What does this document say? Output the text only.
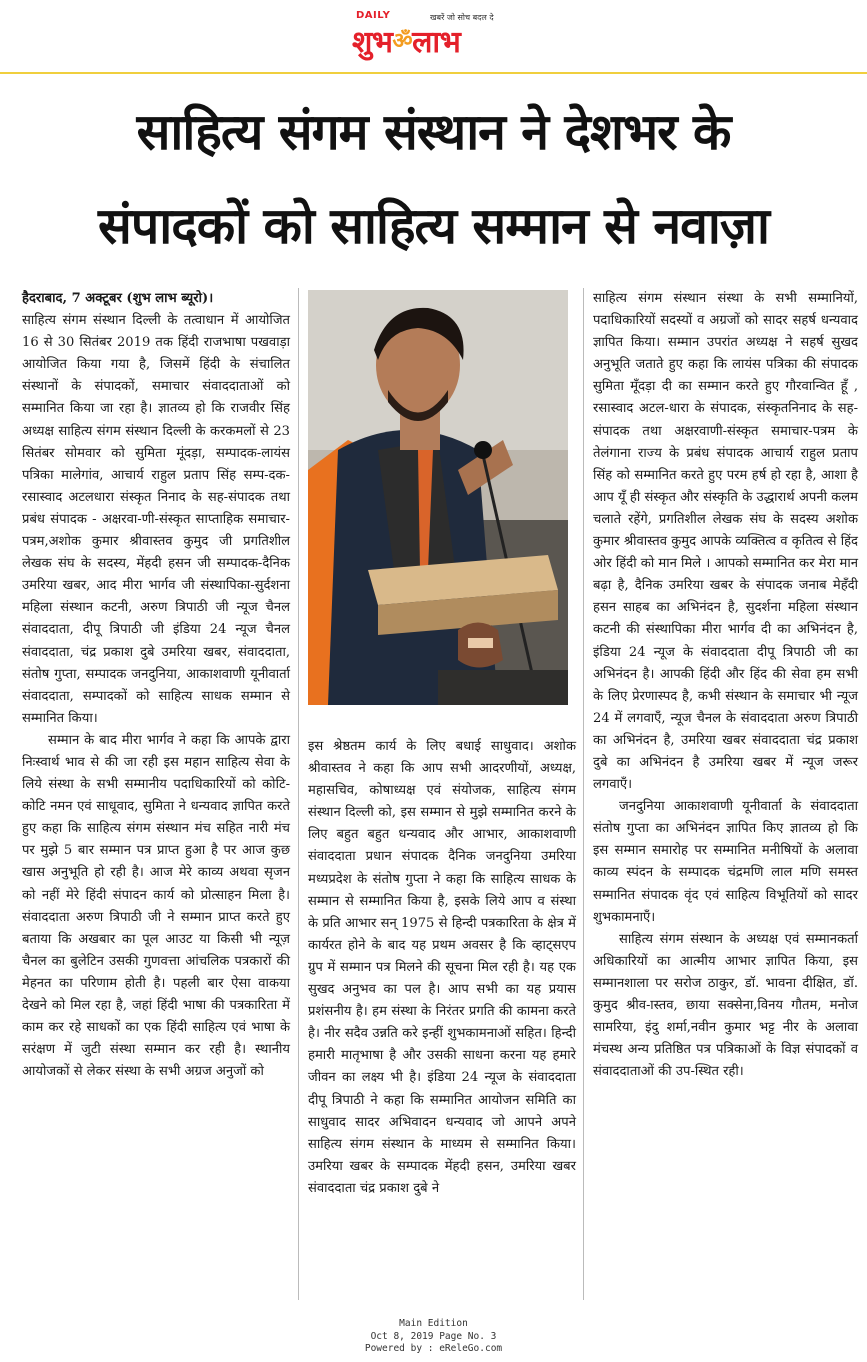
DAILY	खबरें जो सोच बदल दे
शुभॐलाभ
साहित्य संगम संस्थान ने देशभर के
संपादकों को साहित्य सम्मान से नवाज़ा

हैदराबाद, 7 अक्टूबर (शुभ लाभ ब्यूरो)।
साहित्य संगम संस्थान दिल्ली के तत्वाधान में आयोजित 16 से 30 सितंबर 2019 तक हिंदी राजभाषा पखवाड़ा आयोजित किया गया है, जिसमें हिंदी के संचालित संस्थानों के संपादकों, समाचार संवाददाताओं को सम्मानित किया जा रहा है। ज्ञातव्य हो कि राजवीर सिंह अध्यक्ष साहित्य संगम संस्थान दिल्ली के करकमलों से 23 सितंबर सोमवार को सुमिता मूंदड़ा, सम्पादक-लायंस पत्रिका मालेगांव, आचार्य राहुल प्रताप सिंह सम्प-दक-रसास्वाद अटलधारा संस्कृत निनाद के सह-संपादक तथा प्रबंध संपादक - अक्षरवा-णी-संस्कृत साप्ताहिक समाचार-पत्रम,अशोक कुमार श्रीवास्तव कुमुद जी प्रगतिशील लेखक संघ के सदस्य, मेंहदी हसन जी सम्पादक-दैनिक उमरिया खबर, आद मीरा भार्गव जी संस्थापिका-सुर्दशना महिला संस्थान कटनी, अरुण त्रिपाठी जी न्यूज चैनल संवाददाता, दीपू त्रिपाठी जी इंडिया 24 न्यूज चैनल संवाददाता, चंद्र प्रकाश दुबे उमरिया खबर, संवाददाता, संतोष गुप्ता, सम्पादक जनदुनिया, आकाशवाणी यूनीवार्ता संवाददाता, सम्पादकों को साहित्य साधक सम्मान से सम्मानित किया।

सम्मान के बाद मीरा भार्गव ने कहा कि आपके द्वारा निःस्वार्थ भाव से की जा रही इस महान साहित्य सेवा के लिये संस्था के सभी सम्मानीय पदाधिकारियों को कोटि-कोटि नमन एवं साधूवाद, सुमिता ने धन्यवाद ज्ञापित करते हुए कहा कि साहित्य संगम संस्थान मंच सहित नारी मंच पर मुझे 5 बार सम्मान पत्र प्राप्त हुआ है पर आज कुछ खास अनुभूति हो रही है। आज मेरे काव्य अथवा सृजन को नहीं मेरे हिंदी संपादन कार्य को प्रोत्साहन मिला है। संवाददाता अरुण त्रिपाठी जी ने सम्मान प्राप्त करते हुए बताया कि अखबार का पूल आउट या किसी भी न्यूज़ चैनल का बुलेटिन उसकी गुणवत्ता आंचलिक पत्रकारों की मेहनत का परिणाम होती है। पहली बार ऐसा वाकया देखने को मिल रहा है, जहां हिंदी भाषा की पत्रकारिता में काम कर रहे साधकों का एक हिंदी साहित्य एवं भाषा के सरंक्षण में जुटी संस्था सम्मान कर रही है। स्थानीय आयोजकों से लेकर संस्था के सभी अग्रज अनुजों को

इस श्रेष्ठतम कार्य के लिए बधाई साधुवाद। अशोक श्रीवास्तव ने कहा कि आप सभी आदरणीयों, अध्यक्ष, महासचिव, कोषाध्यक्ष एवं संयोजक, साहित्य संगम संस्थान दिल्ली को, इस सम्मान से मुझे सम्मानित करने के लिए बहुत बहुत धन्यवाद और आभार, आकाशवाणी संवाददाता प्रधान संपादक दैनिक जनदुनिया उमरिया मध्यप्रदेश के संतोष गुप्ता ने कहा कि साहित्य साधक के सम्मान से सम्मानित किया है, इसके लिये आप व संस्था के प्रति आभार सन् 1975 से हिन्दी पत्रकारिता के क्षेत्र में कार्यरत होने के बाद यह प्रथम अवसर है कि व्हाट्सएप ग्रुप में सम्मान पत्र मिलने की सूचना मिल रही है। यह एक सुखद अनुभव का पल है। आप सभी का यह प्रयास प्रशंसनीय है। हम संस्था के निरंतर प्रगति की कामना करते है। नीर सदैव उन्नति करे इन्हीं शुभकामनाओं सहित। हिन्दी हमारी मातृभाषा है और उसकी साधना करना यह हमारे जीवन का लक्ष्य भी है। इंडिया 24 न्यूज के संवाददाता दीपू त्रिपाठी ने कहा कि सम्मानित आयोजन समिति का साधुवाद सादर अभिवादन धन्यवाद जो आपने अपने साहित्य संगम संस्थान के माध्यम से सम्मानित किया। उमरिया खबर के सम्पादक मेंहदी हसन, उमरिया खबर संवाददाता चंद्र प्रकाश दुबे ने

साहित्य संगम संस्थान संस्था के सभी सम्मानियों, पदाधिकारियों सदस्यों व अग्रजों को सादर सहर्ष धन्यवाद ज्ञापित किया। सम्मान उपरांत अध्यक्ष ने सहर्ष सुखद अनुभूति जताते हुए कहा कि लायंस पत्रिका की संपादक सुमिता मूँदड़ा दी का सम्मान करते हुए गौरवान्वित हूँ , रसास्वाद अटल-धारा के संपादक, संस्कृतनिनाद के सह-संपादक तथा अक्षरवाणी-संस्कृत समाचार-पत्रम के तेलंगाना राज्य के प्रबंध संपादक आचार्य राहुल प्रताप सिंह को सम्मानित करते हुए परम हर्ष हो रहा है, आशा है आप यूँ ही संस्कृत और संस्कृति के उद्धारार्थ अपनी कलम चलाते रहेंगे, प्रगतिशील लेखक संघ के सदस्य अशोक कुमार श्रीवास्तव कुमुद आपके व्यक्तित्व व कृतित्व से हिंद ओर हिंदी को मान मिले । आपको सम्मानित कर मेरा मान बढ़ा है, दैनिक उमरिया खबर के संपादक जनाब मेहँदी हसन साहब का अभिनंदन है, सुदर्शना महिला संस्थान कटनी की संस्थापिका मीरा भार्गव दी का अभिनंदन है, इंडिया 24 न्यूज के संवाददाता दीपू त्रिपाठी जी का अभिनंदन है। आपकी हिंदी और हिंद की सेवा हम सभी के लिए प्रेरणास्पद है, कभी संस्थान के समाचार भी न्यूज 24 में लगवाएँ, न्यूज चैनल के संवाददाता अरुण त्रिपाठी का अभिनंदन है, उमरिया खबर संवाददाता चंद्र प्रकाश दुबे का अभिनंदन है उमरिया खबर में न्यूज जरूर लगवाएँ।

जनदुनिया आकाशवाणी यूनीवार्ता के संवाददाता संतोष गुप्ता का अभिनंदन ज्ञापित किए ज्ञातव्य हो कि इस सम्मान समारोह पर सम्मानित मनीषियों के अलावा काव्य स्पंदन के सम्पादक चंद्रमणि लाल मणि समस्त सम्मानित संपादक वृंद एवं साहित्य विभूतियों को सादर शुभकामनाएँ।

साहित्य संगम संस्थान के अध्यक्ष एवं सम्मानकर्ता अधिकारियों का आत्मीय आभार ज्ञापित किया, इस सम्मानशाला पर सरोज ठाकुर, डॉ. भावना दीक्षित, डॉ. कुमुद श्रीव-ास्तव, छाया सक्सेना,विनय गौतम, मनोज सामरिया, इंदु शर्मा,नवीन कुमार भट्ट नीर के अलावा मंचस्थ अन्य प्रतिष्ठित पत्र पत्रिकाओं के विज्ञ संपादकों व संवाददाताओं की उप-स्थित रही।

Main Edition
Oct 8, 2019 Page No. 3
Powered by : eReleGo.com
